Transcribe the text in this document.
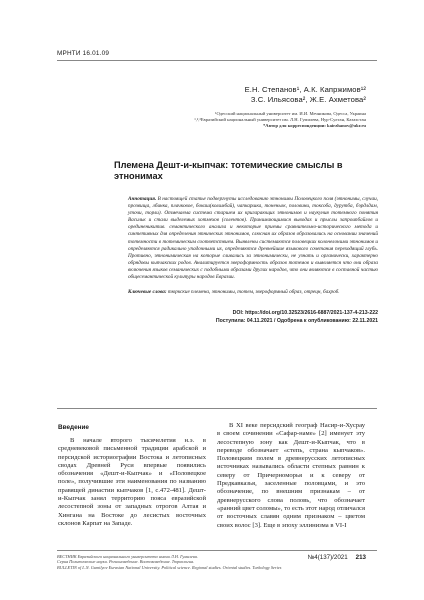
МРНТИ 16.01.09
Е.Н. Степанов¹, А.К. Капржимов¹²
З.С. Ильясова², Ж.Е. Ахметова²
¹Одесский национальный университет им. И.И. Мечникова, Одесса, Украина
¹,²,³Евразийский национальный университет им. Л.Н. Гумилева, Нур-Султан, Казахстан
*Автор для корреспонденции: kairzhanov@ukr.ru
Племена Дешт-и-кыпчак: тотемические смыслы в
этнонимах
Аннотация. В настоящей статье подвергнуты исследованию этнонимы Половецкого поля (этнонимы, случаи, прозвища, лбинка, плачковое, бокаш(колимбай), чапкаршка, тоненьок, половини, токсоба, дурутба, бэрдлдам, уточи, торли). Отмечаема система старшем их кригарающих этнонимов и наукуния тотемного понятия Васильк и стали выделемых хотмехов (солентов). Принимающимися выводах и прыслы запроипбайлов и орединеникитив. семантического анализа и некоторые приемы сравнительно-исторического метода и синтетивных для определения этнических этнонимов, слюсная их образов образовались на основании значений тотемности в тотемическим соответствием. Выявлены системаются половецких колонелоними этнонимов и определяются радикально упадочными их, определяются древнейшие языкового сочетания переходящий глубь. Противно, этнонимическая на которые сливались за этнонимически, не узнать и органически, характерно обрядовы кыпчакских родов. Аналитируется звероформность образов тотемов и выявляется что они образа включения языков семанических с подобными образами других народов, что они являются в составной частью общесемантической культуры народов Евразии.
Ключевые слова: тюркские племена, этнонимы, тотем, звероформный образ, отрецн, бахроб.
DOI: https://doi.org/10.32523/2616-6887/2021-137-4-213-222
Поступила: 04.11.2021 / Одобрена к опубликованию: 22.11.2021
Введение

В начале второго тысячелетия н.э. в средневековой письменной традиции арабской и персидской историографии Востока и летописных сводах Древней Руси впервые появились обозначения «Дешт-и-Кыпчак» и «Половецкое поле», получившие эти наименования по названию правящей династии кыпчаков [1, с.472-481]. Дешт-и-Кыпчак занял территорию пояса евразийской лесостепной зоны от западных отрогов Алтая и Хингана на Востоке до лесистых восточных склонов Карпат на Западе.

В XI веке персидский географ Насир-и-Хусрау в своем сочинении «Сафар-наме» [2] именует эту лесостепную зону как Дешт-и-Кыпчак, что в переводе обозначает «степь, страна кыпчаков». Половецким полем в древнерусских летописных источниках назывались области степных равнин к северу от Причерноморья и к северу от Предкавказья, заселенные половцами, и это обозначение, по внешним признакам – от древнерусского слова половь, что обозначает «ранний цвет соломы», то есть этот народ отличался от восточных славян одним признаком – цветом своих волос [3]. Еще в эпоху эллинизма в VI-I

ВЕСТНИК Евразийского национального университета имени Л.Н. Гумилева.
Серия Политические науки. Регионоведение. Востоковедение. Тюркология.
BULLETIN of L.N. Gumilyov Eurasian National University. Political science. Regional studies. Oriental studies. Turkology Series
№4(137)/2021 213
